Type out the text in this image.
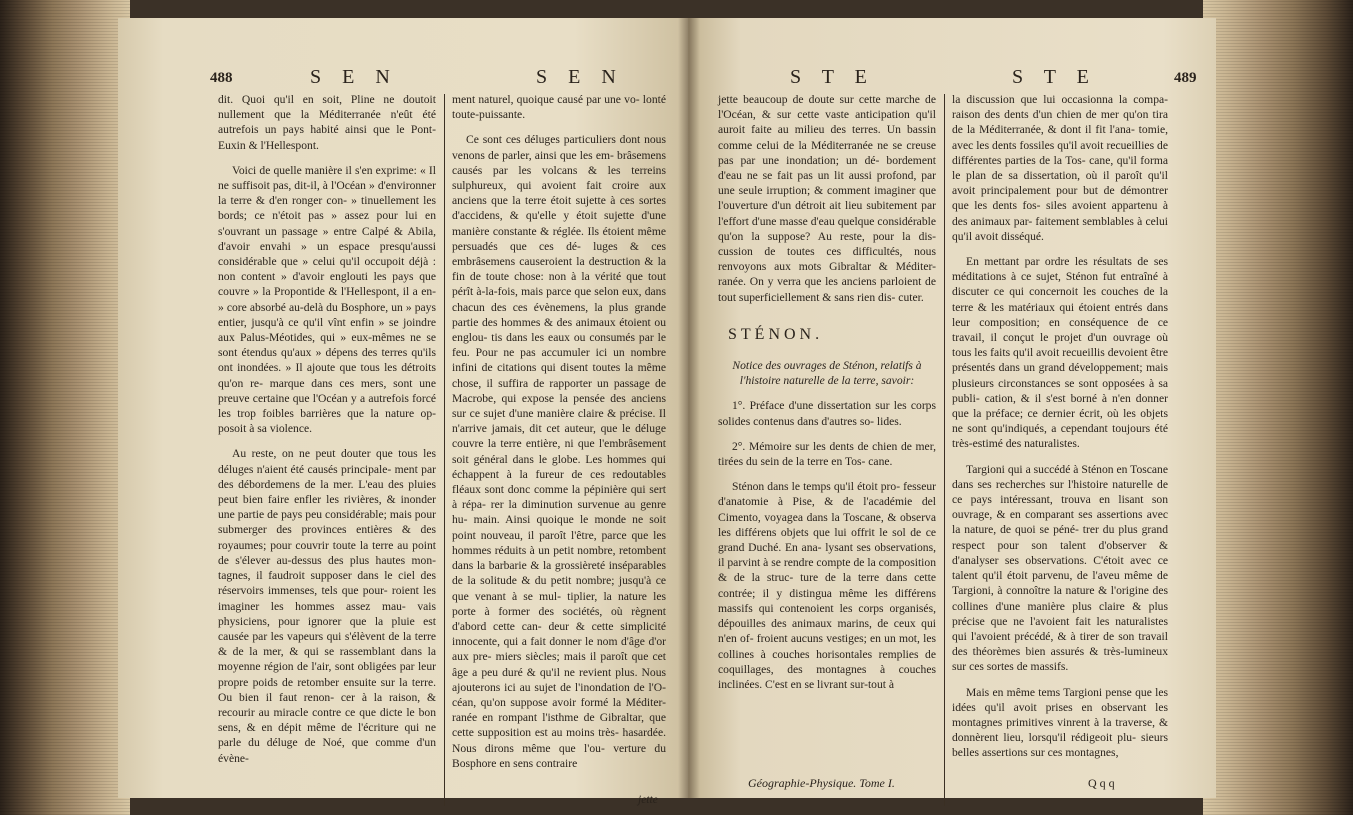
488	S E N	S E N

dit. Quoi qu'il en soit, Pline ne doutoit nullement que la Méditerranée n'eût été autrefois un pays habité ainsi que le Pont-Euxin & l'Hellespont.

Voici de quelle manière il s'en exprime: « Il ne suffisoit pas, dit-il, à l'Océan » d'environner la terre & d'en ronger con- » tinuellement les bords; ce n'étoit pas » assez pour lui en s'ouvrant un passage » entre Calpé & Abila, d'avoir envahi » un espace presqu'aussi considérable que » celui qu'il occupoit déjà : non content » d'avoir englouti les pays que couvre » la Propontide & l'Hellespont, il a en- » core absorbé au-delà du Bosphore, un » pays entier, jusqu'à ce qu'il vînt enfin » se joindre aux Palus-Méotides, qui » eux-mêmes ne se sont étendus qu'aux » dépens des terres qu'ils ont inondées. » Il ajoute que tous les détroits qu'on re- marque dans ces mers, sont une preuve certaine que l'Océan y a autrefois forcé les trop foibles barrières que la nature op- posoit à sa violence.

Au reste, on ne peut douter que tous les déluges n'aient été causés principale- ment par des débordemens de la mer. L'eau des pluies peut bien faire enfler les rivières, & inonder une partie de pays peu considérable; mais pour submerger des provinces entières & des royaumes; pour couvrir toute la terre au point de s'élever au-dessus des plus hautes mon- tagnes, il faudroit supposer dans le ciel des réservoirs immenses, tels que pour- roient les imaginer les hommes assez mau- vais physiciens, pour ignorer que la pluie est causée par les vapeurs qui s'élèvent de la terre & de la mer, & qui se rassemblant dans la moyenne région de l'air, sont obligées par leur propre poids de retomber ensuite sur la terre. Ou bien il faut renon- cer à la raison, & recourir au miracle contre ce que dicte le bon sens, & en dépit même de l'écriture qui ne parle du déluge de Noé, que comme d'un évène-

ment naturel, quoique causé par une vo- lonté toute-puissante.

Ce sont ces déluges particuliers dont nous venons de parler, ainsi que les em- brâsemens causés par les volcans & les terreins sulphureux, qui avoient fait croire aux anciens que la terre étoit sujette à ces sortes d'accidens, & qu'elle y étoit sujette d'une manière constante & réglée. Ils étoient même persuadés que ces dé- luges & ces embrâsemens causeroient la destruction & la fin de toute chose: non à la vérité que tout pérît à-la-fois, mais parce que selon eux, dans chacun des ces évènemens, la plus grande partie des hommes & des animaux étoient ou englou- tis dans les eaux ou consumés par le feu. Pour ne pas accumuler ici un nombre infini de citations qui disent toutes la même chose, il suffira de rapporter un passage de Macrobe, qui expose la pensée des anciens sur ce sujet d'une manière claire & précise. Il n'arrive jamais, dit cet auteur, que le déluge couvre la terre entière, ni que l'embrâsement soit général dans le globe. Les hommes qui échappent à la fureur de ces redoutables fléaux sont donc comme la pépinière qui sert à répa- rer la diminution survenue au genre hu- main. Ainsi quoique le monde ne soit point nouveau, il paroît l'être, parce que les hommes réduits à un petit nombre, retombent dans la barbarie & la grossièreté inséparables de la solitude & du petit nombre; jusqu'à ce que venant à se mul- tiplier, la nature les porte à former des sociétés, où règnent d'abord cette can- deur & cette simplicité innocente, qui a fait donner le nom d'âge d'or aux pre- miers siècles; mais il paroît que cet âge a peu duré & qu'il ne revient plus. Nous ajouterons ici au sujet de l'inondation de l'O- céan, qu'on suppose avoir formé la Méditer- ranée en rompant l'isthme de Gibraltar, que cette supposition est au moins très- hasardée. Nous dirons même que l'ou- verture du Bosphore en sens contraire

jette
S T E	S T E	489

jette beaucoup de doute sur cette marche de l'Océan, & sur cette vaste anticipation qu'il auroit faite au milieu des terres. Un bassin comme celui de la Méditerranée ne se creuse pas par une inondation; un dé- bordement d'eau ne se fait pas un lit aussi profond, par une seule irruption; & comment imaginer que l'ouverture d'un détroit ait lieu subitement par l'effort d'une masse d'eau quelque considérable qu'on la suppose? Au reste, pour la dis- cussion de toutes ces difficultés, nous renvoyons aux mots Gibraltar & Méditer- ranée. On y verra que les anciens parloient de tout superficiellement & sans rien dis- cuter.

STÉNON.

Notice des ouvrages de Sténon, relatifs à l'histoire naturelle de la terre, savoir:

1°. Préface d'une dissertation sur les corps solides contenus dans d'autres so- lides.

2°. Mémoire sur les dents de chien de mer, tirées du sein de la terre en Tos- cane.

Sténon dans le temps qu'il étoit pro- fesseur d'anatomie à Pise, & de l'académie del Cimento, voyagea dans la Toscane, & observa les différens objets que lui offrit le sol de ce grand Duché. En ana- lysant ses observations, il parvint à se rendre compte de la composition & de la struc- ture de la terre dans cette contrée; il y distingua même les différens massifs qui contenoient les corps organisés, dépouilles des animaux marins, de ceux qui n'en of- froient aucuns vestiges; en un mot, les collines à couches horisontales remplies de coquillages, des montagnes à couches inclinées. C'est en se livrant sur-tout à

la discussion que lui occasionna la compa- raison des dents d'un chien de mer qu'on tira de la Méditerranée, & dont il fit l'ana- tomie, avec les dents fossiles qu'il avoit recueillies de différentes parties de la Tos- cane, qu'il forma le plan de sa dissertation, où il paroît qu'il avoit principalement pour but de démontrer que les dents fos- siles avoient appartenu à des animaux par- faitement semblables à celui qu'il avoit disséqué.

En mettant par ordre les résultats de ses méditations à ce sujet, Sténon fut entraîné à discuter ce qui concernoit les couches de la terre & les matériaux qui étoient entrés dans leur composition; en conséquence de ce travail, il conçut le projet d'un ouvrage où tous les faits qu'il avoit recueillis devoient être présentés dans un grand développement; mais plusieurs circonstances se sont opposées à sa publi- cation, & il s'est borné à n'en donner que la préface; ce dernier écrit, où les objets ne sont qu'indiqués, a cependant toujours été très-estimé des naturalistes.

Targioni qui a succédé à Sténon en Toscane dans ses recherches sur l'histoire naturelle de ce pays intéressant, trouva en lisant son ouvrage, & en comparant ses assertions avec la nature, de quoi se péné- trer du plus grand respect pour son talent d'observer & d'analyser ses observations. C'étoit avec ce talent qu'il étoit parvenu, de l'aveu même de Targioni, à connoître la nature & l'origine des collines d'une manière plus claire & plus précise que ne l'avoient fait les naturalistes qui l'avoient précédé, & à tirer de son travail des théorèmes bien assurés & très-lumineux sur ces sortes de massifs.

Mais en même tems Targioni pense que les idées qu'il avoit prises en observant les montagnes primitives vinrent à la traverse, & donnèrent lieu, lorsqu'il rédigeoit plu- sieurs belles assertions sur ces montagnes,

Géographie-Physique. Tome I.	Q q q
